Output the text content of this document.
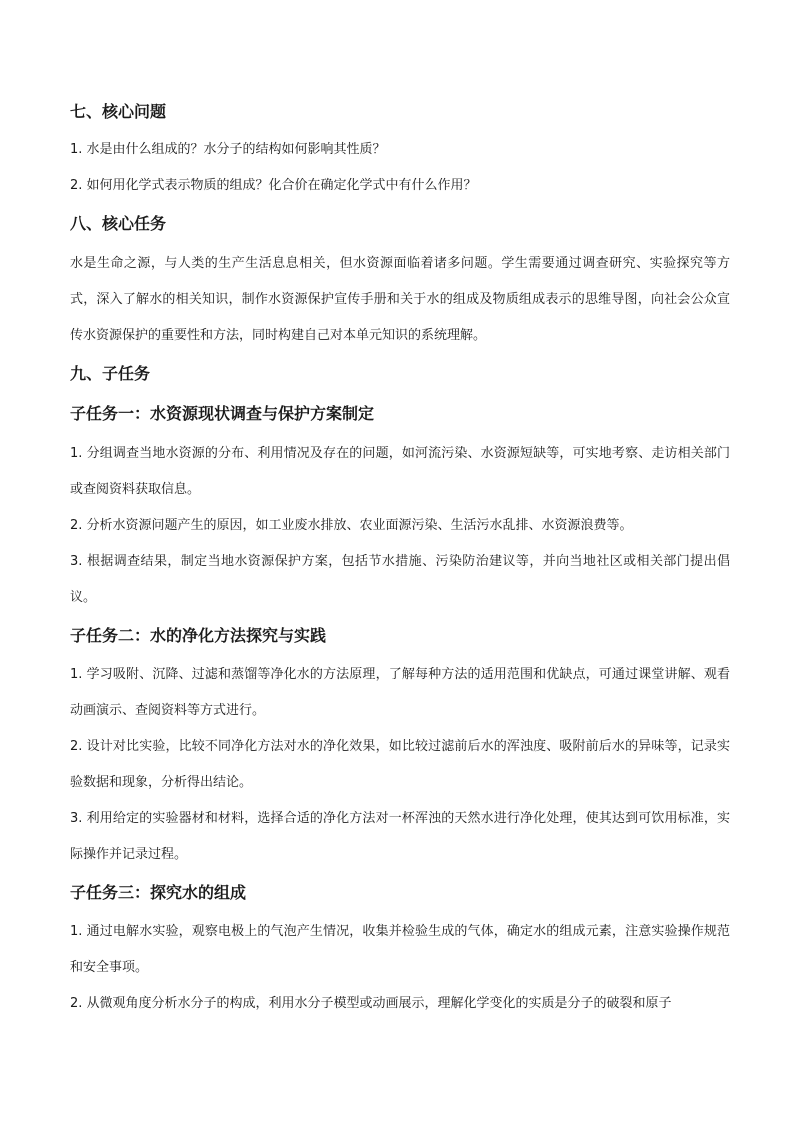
七、核心问题
1. 水是由什么组成的？水分子的结构如何影响其性质？
2. 如何用化学式表示物质的组成？化合价在确定化学式中有什么作用？
八、核心任务
水是生命之源，与人类的生产生活息息相关，但水资源面临着诸多问题。学生需要通过调查研究、实验探究等方式，深入了解水的相关知识，制作水资源保护宣传手册和关于水的组成及物质组成表示的思维导图，向社会公众宣传水资源保护的重要性和方法，同时构建自己对本单元知识的系统理解。
九、子任务
子任务一：水资源现状调查与保护方案制定
1. 分组调查当地水资源的分布、利用情况及存在的问题，如河流污染、水资源短缺等，可实地考察、走访相关部门或查阅资料获取信息。
2. 分析水资源问题产生的原因，如工业废水排放、农业面源污染、生活污水乱排、水资源浪费等。
3. 根据调查结果，制定当地水资源保护方案，包括节水措施、污染防治建议等，并向当地社区或相关部门提出倡议。
子任务二：水的净化方法探究与实践
1. 学习吸附、沉降、过滤和蒸馏等净化水的方法原理，了解每种方法的适用范围和优缺点，可通过课堂讲解、观看动画演示、查阅资料等方式进行。
2. 设计对比实验，比较不同净化方法对水的净化效果，如比较过滤前后水的浑浊度、吸附前后水的异味等，记录实验数据和现象，分析得出结论。
3. 利用给定的实验器材和材料，选择合适的净化方法对一杯浑浊的天然水进行净化处理，使其达到可饮用标准，实际操作并记录过程。
子任务三：探究水的组成
1. 通过电解水实验，观察电极上的气泡产生情况，收集并检验生成的气体，确定水的组成元素，注意实验操作规范和安全事项。
2. 从微观角度分析水分子的构成，利用水分子模型或动画展示，理解化学变化的实质是分子的破裂和原子
